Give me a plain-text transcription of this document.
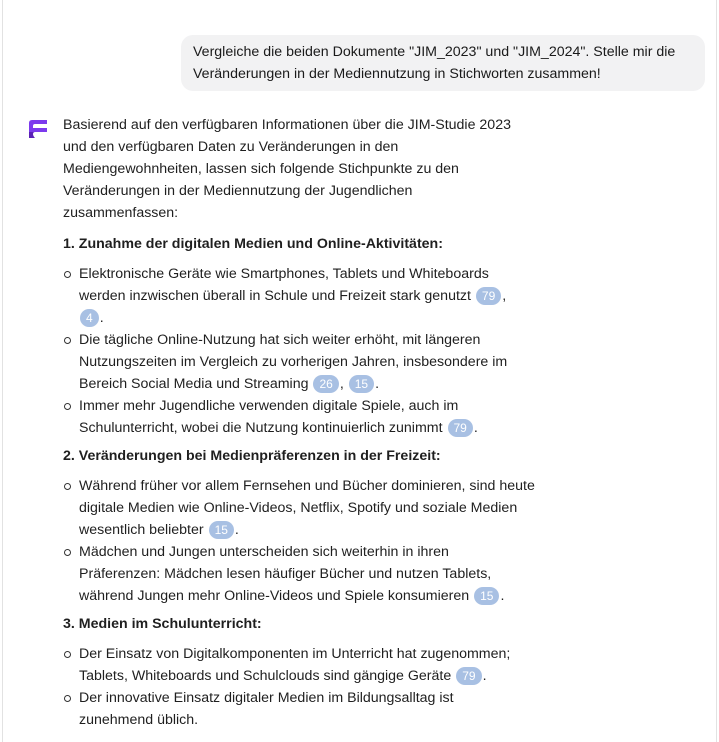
Vergleiche die beiden Dokumente "JIM_2023" und "JIM_2024". Stelle mir die Veränderungen in der Mediennutzung in Stichworten zusammen!

Basierend auf den verfügbaren Informationen über die JIM-Studie 2023 und den verfügbaren Daten zu Veränderungen in den Mediengewohnheiten, lassen sich folgende Stichpunkte zu den Veränderungen in der Mediennutzung der Jugendlichen zusammenfassen:

1. Zunahme der digitalen Medien und Online-Aktivitäten:

Elektronische Geräte wie Smartphones, Tablets und Whiteboards werden inzwischen überall in Schule und Freizeit stark genutzt 79 , 4 .
Die tägliche Online-Nutzung hat sich weiter erhöht, mit längeren Nutzungszeiten im Vergleich zu vorherigen Jahren, insbesondere im Bereich Social Media und Streaming 26 , 15 .
Immer mehr Jugendliche verwenden digitale Spiele, auch im Schulunterricht, wobei die Nutzung kontinuierlich zunimmt 79 .

2. Veränderungen bei Medienpräferenzen in der Freizeit:

Während früher vor allem Fernsehen und Bücher dominieren, sind heute digitale Medien wie Online-Videos, Netflix, Spotify und soziale Medien wesentlich beliebter 15 .
Mädchen und Jungen unterscheiden sich weiterhin in ihren Präferenzen: Mädchen lesen häufiger Bücher und nutzen Tablets, während Jungen mehr Online-Videos und Spiele konsumieren 15 .

3. Medien im Schulunterricht:

Der Einsatz von Digitalkomponenten im Unterricht hat zugenommen; Tablets, Whiteboards und Schulclouds sind gängige Geräte 79 .
Der innovative Einsatz digitaler Medien im Bildungsalltag ist zunehmend üblich.
